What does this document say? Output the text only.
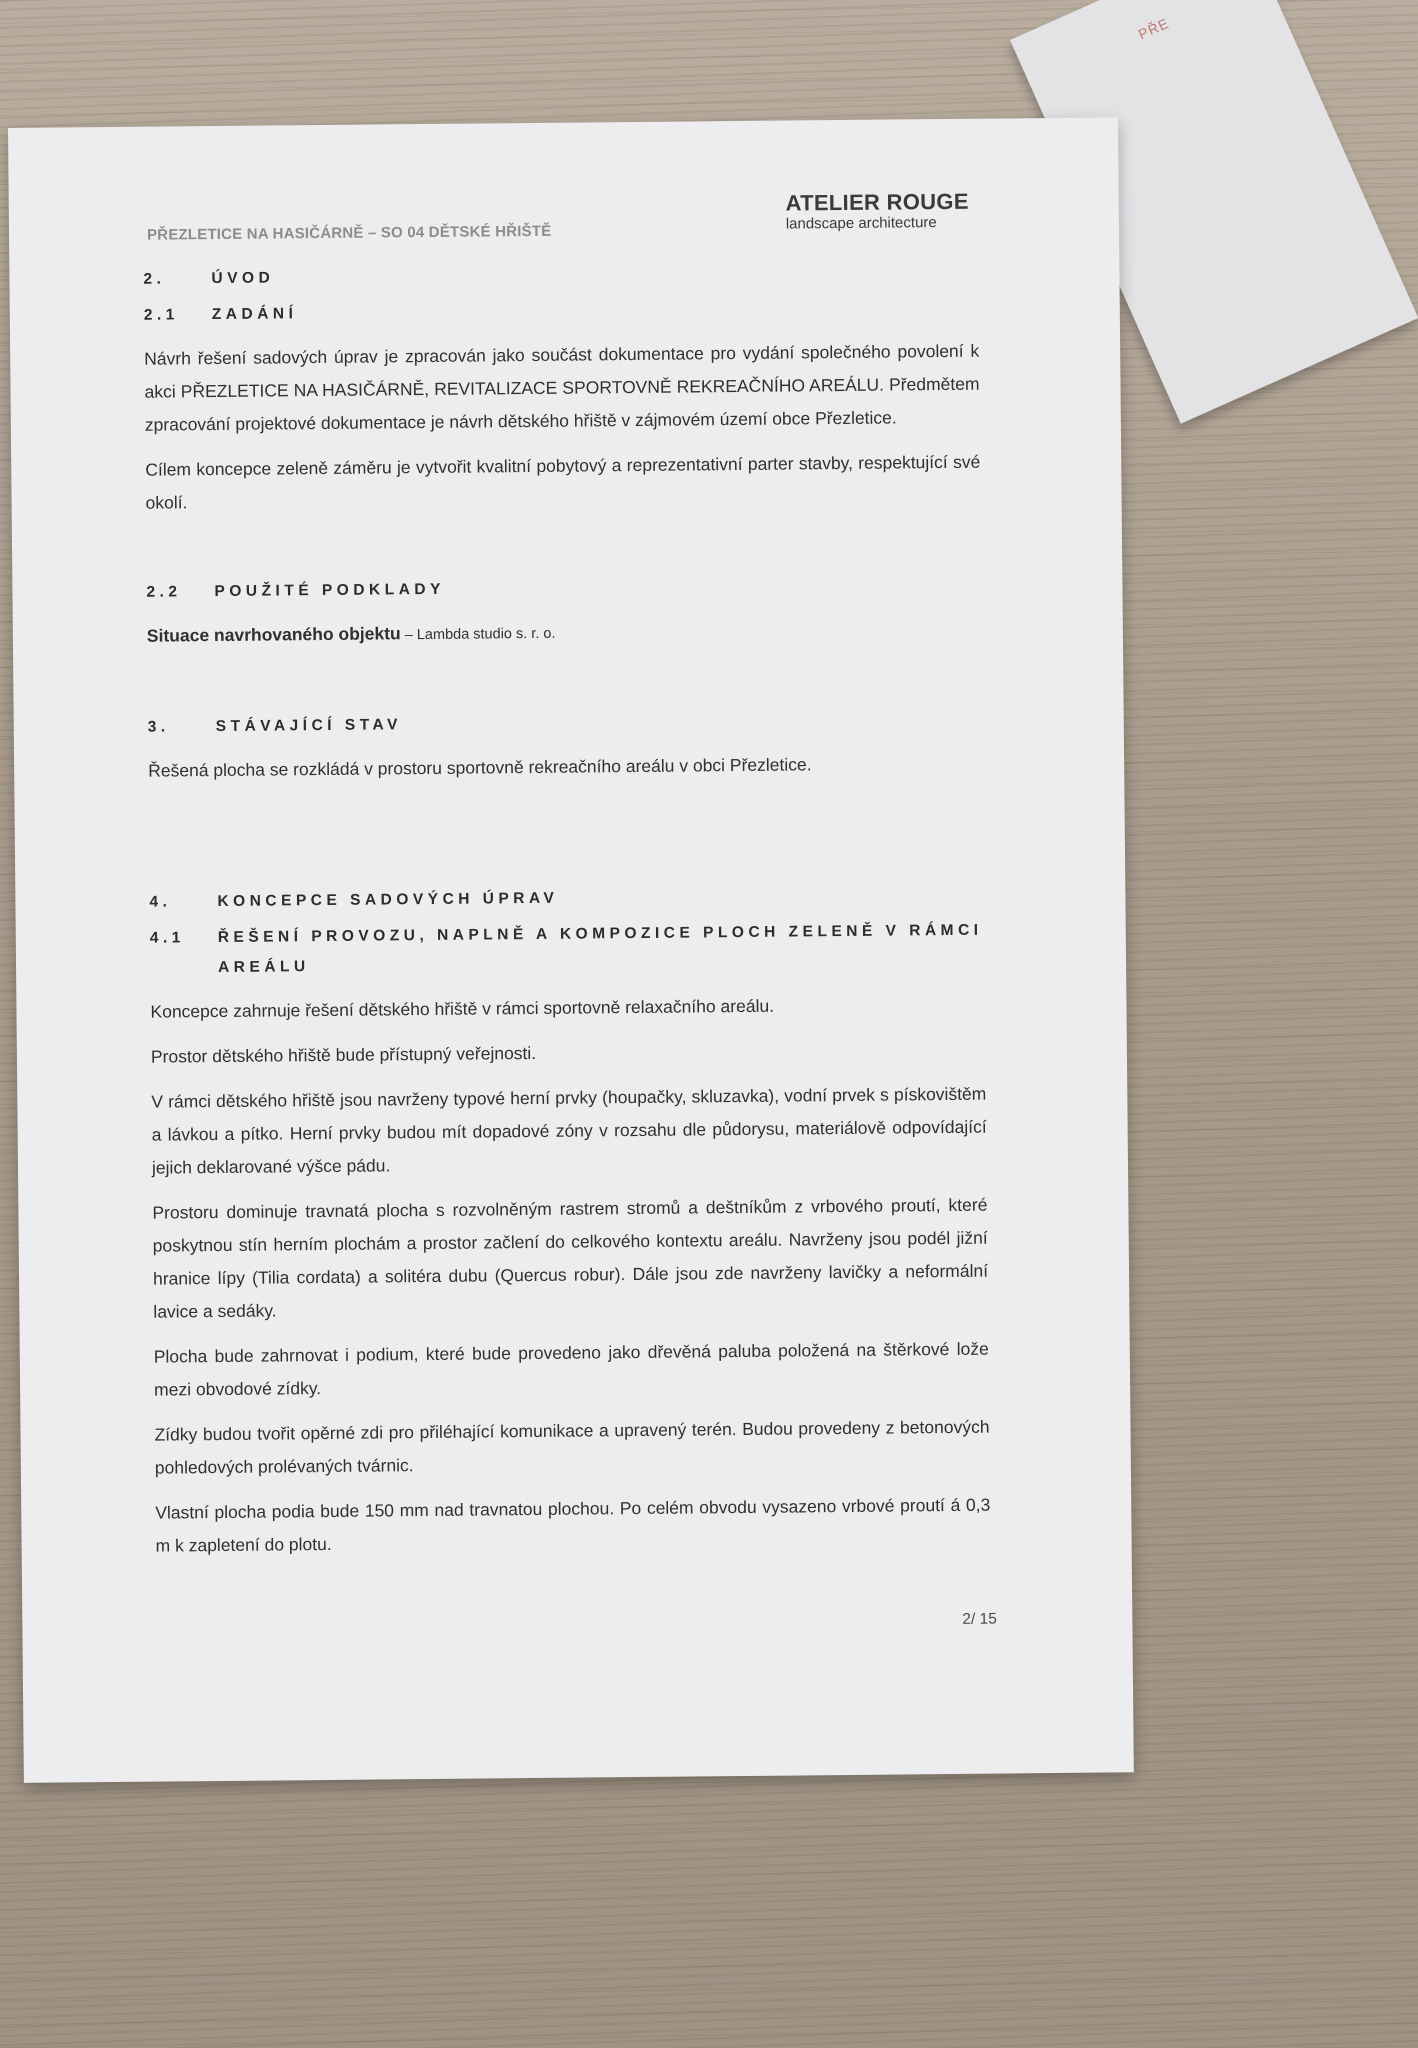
PŘE
PŘEZLETICE NA HASIČÁRNĚ – SO 04 DĚTSKÉ HŘIŠTĚ
ATELIER ROUGE
landscape architecture
2.	ÚVOD
2.1	ZADÁNÍ

Návrh řešení sadových úprav je zpracován jako součást dokumentace pro vydání společného povolení k akci PŘEZLETICE NA HASIČÁRNĚ, REVITALIZACE SPORTOVNĚ REKREAČNÍHO AREÁLU. Předmětem zpracování projektové dokumentace je návrh dětského hřiště v zájmovém území obce Přezletice.

Cílem koncepce zeleně záměru je vytvořit kvalitní pobytový a reprezentativní parter stavby, respektující své okolí.

2.2	POUŽITÉ PODKLADY

Situace navrhovaného objektu – Lambda studio s. r. o.

3.	STÁVAJÍCÍ STAV

Řešená plocha se rozkládá v prostoru sportovně rekreačního areálu v obci Přezletice.

4.	KONCEPCE SADOVÝCH ÚPRAV
4.1	ŘEŠENÍ PROVOZU, NAPLNĚ A KOMPOZICE PLOCH ZELENĚ V RÁMCI AREÁLU

Koncepce zahrnuje řešení dětského hřiště v rámci sportovně relaxačního areálu.

Prostor dětského hřiště bude přístupný veřejnosti.

V rámci dětského hřiště jsou navrženy typové herní prvky (houpačky, skluzavka), vodní prvek s pískovištěm a lávkou a pítko. Herní prvky budou mít dopadové zóny v rozsahu dle půdorysu, materiálově odpovídající jejich deklarované výšce pádu.

Prostoru dominuje travnatá plocha s rozvolněným rastrem stromů a deštníkům z vrbového proutí, které poskytnou stín herním plochám a prostor začlení do celkového kontextu areálu. Navrženy jsou podél jižní hranice lípy (Tilia cordata) a solitéra dubu (Quercus robur). Dále jsou zde navrženy lavičky a neformální lavice a sedáky.

Plocha bude zahrnovat i podium, které bude provedeno jako dřevěná paluba položená na štěrkové lože mezi obvodové zídky.

Zídky budou tvořit opěrné zdi pro přiléhající komunikace a upravený terén. Budou provedeny z betonových pohledových prolévaných tvárnic.

Vlastní plocha podia bude 150 mm nad travnatou plochou. Po celém obvodu vysazeno vrbové proutí á 0,3 m k zapletení do plotu.

2/ 15
